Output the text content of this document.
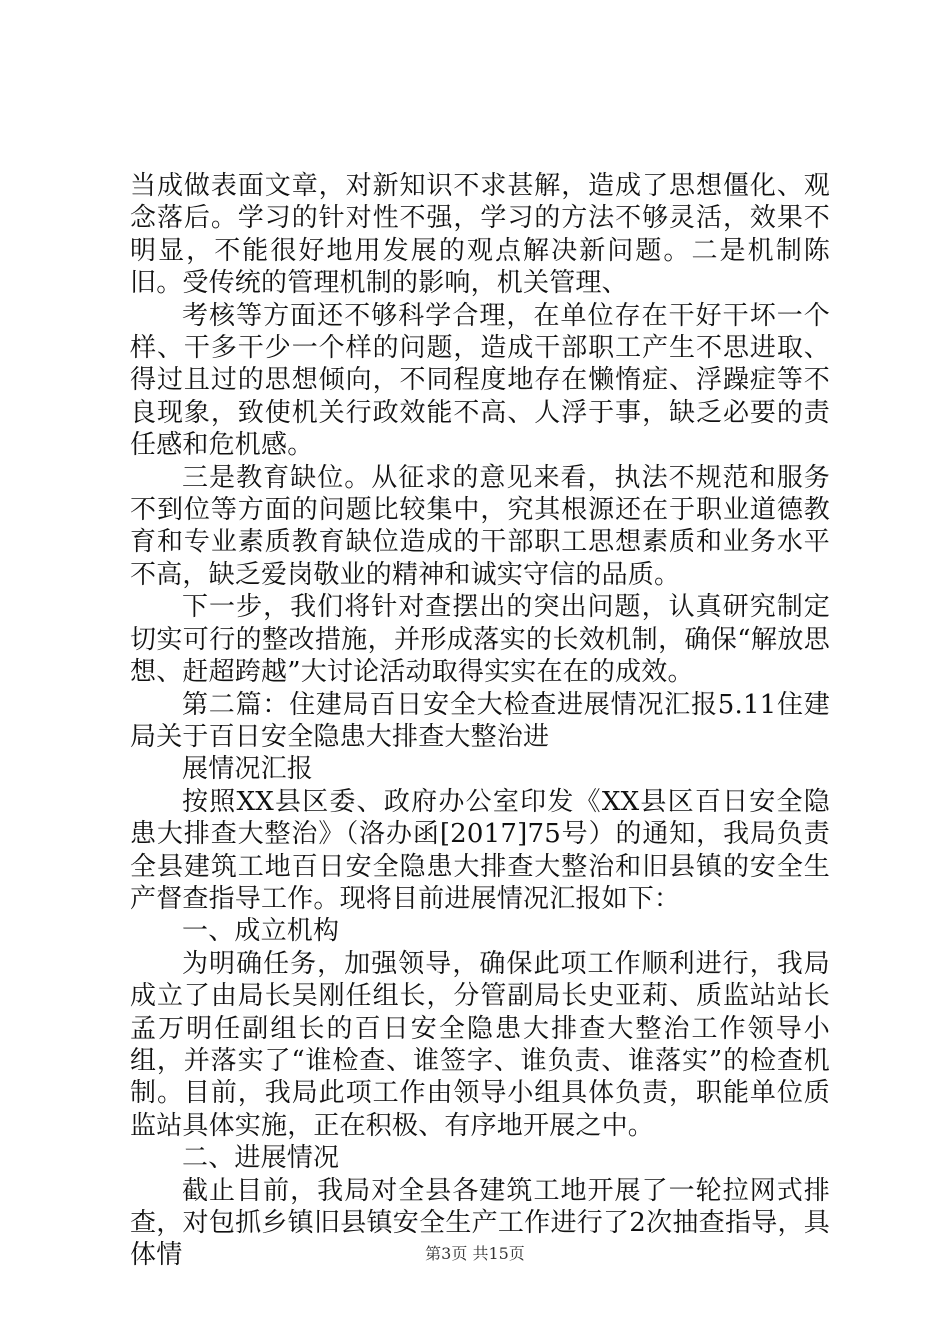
当成做表面文章，对新知识不求甚解，造成了思想僵化、观念落后。学习的针对性不强，学习的方法不够灵活，效果不明显，不能很好地用发展的观点解决新问题。二是机制陈旧。受传统的管理机制的影响，机关管理、

考核等方面还不够科学合理，在单位存在干好干坏一个样、干多干少一个样的问题，造成干部职工产生不思进取、得过且过的思想倾向，不同程度地存在懒惰症、浮躁症等不良现象，致使机关行政效能不高、人浮于事，缺乏必要的责任感和危机感。

三是教育缺位。从征求的意见来看，执法不规范和服务不到位等方面的问题比较集中，究其根源还在于职业道德教育和专业素质教育缺位造成的干部职工思想素质和业务水平不高，缺乏爱岗敬业的精神和诚实守信的品质。

下一步，我们将针对查摆出的突出问题，认真研究制定切实可行的整改措施，并形成落实的长效机制，确保“解放思想、赶超跨越”大讨论活动取得实实在在的成效。

第二篇：住建局百日安全大检查进展情况汇报5.11住建局关于百日安全隐患大排查大整治进

展情况汇报

按照XX县区委、政府办公室印发《XX县区百日安全隐患大排查大整治》（洛办函[2017]75号）的通知，我局负责全县建筑工地百日安全隐患大排查大整治和旧县镇的安全生产督查指导工作。现将目前进展情况汇报如下：

一、成立机构

为明确任务，加强领导，确保此项工作顺利进行，我局成立了由局长吴刚任组长，分管副局长史亚莉、质监站站长孟万明任副组长的百日安全隐患大排查大整治工作领导小组，并落实了“谁检查、谁签字、谁负责、谁落实”的检查机制。目前，我局此项工作由领导小组具体负责，职能单位质监站具体实施，正在积极、有序地开展之中。

二、进展情况

截止目前，我局对全县各建筑工地开展了一轮拉网式排查，对包抓乡镇旧县镇安全生产工作进行了2次抽查指导，具体情	第3页 共15页
